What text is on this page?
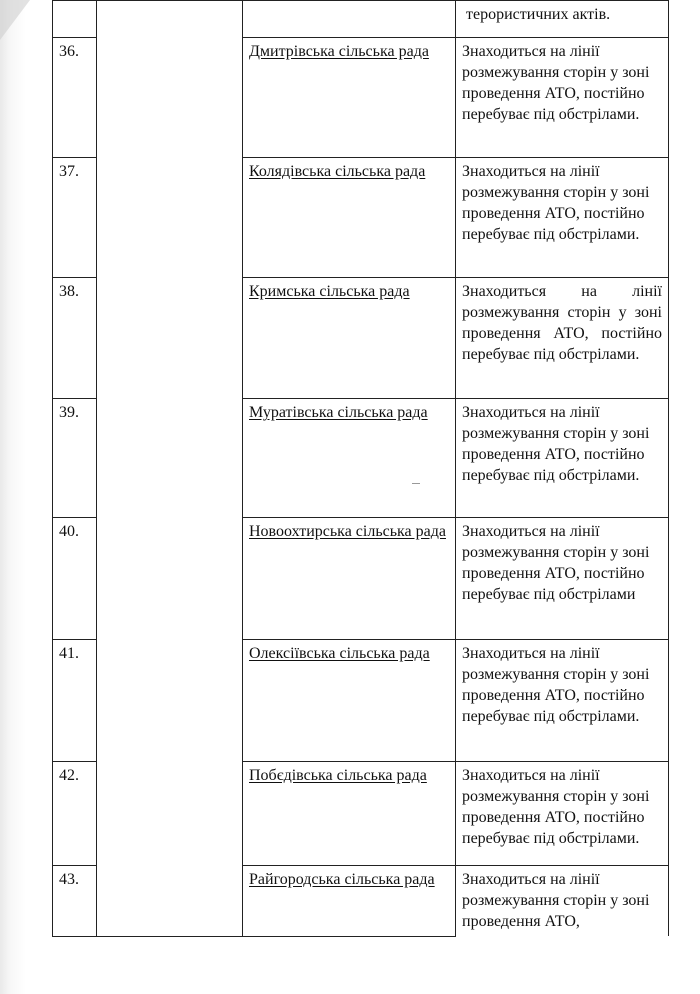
			терористичних актів.

36.		Дмитрівська сільська рада	Знаходиться на лінії розмежування сторін у зоні проведення АТО, постійно перебуває під обстрілами.

37.		Колядівська сільська рада	Знаходиться на лінії розмежування сторін у зоні проведення АТО, постійно перебуває під обстрілами.

38.		Кримська сільська рада	Знаходиться на лінії розмежування сторін у зоні проведення АТО, постійно перебуває під обстрілами.

39.		Муратівська сільська рада	Знаходиться на лінії розмежування сторін у зоні проведення АТО, постійно перебуває під обстрілами.

40.		Новоохтирська сільська рада	Знаходиться на лінії розмежування сторін у зоні проведення АТО, постійно перебуває під обстрілами

41.		Олексіївська сільська рада	Знаходиться на лінії розмежування сторін у зоні проведення АТО, постійно перебуває під обстрілами.

42.		Побєдівська сільська рада	Знаходиться на лінії розмежування сторін у зоні проведення АТО, постійно перебуває під обстрілами.

43.		Райгородська сільська рада	Знаходиться на лінії розмежування сторін у зоні проведення АТО,
